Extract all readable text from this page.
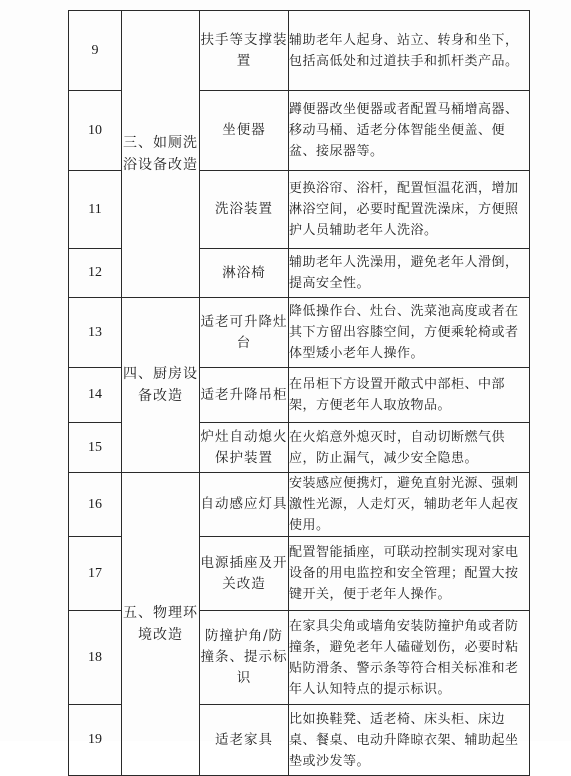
9	三、如厕洗浴设备改造	扶手等支撑装置	辅助老年人起身、站立、转身和坐下，包括高低处和过道扶手和抓杆类产品。
10		坐便器	蹲便器改坐便器或者配置马桶增高器、移动马桶、适老分体智能坐便盖、便盆、接尿器等。
11		洗浴装置	更换浴帘、浴杆，配置恒温花洒，增加淋浴空间，必要时配置洗澡床，方便照护人员辅助老年人洗浴。
12		淋浴椅	辅助老年人洗澡用，避免老年人滑倒，提高安全性。
13	四、厨房设备改造	适老可升降灶台	降低操作台、灶台、洗菜池高度或者在其下方留出容膝空间，方便乘轮椅或者体型矮小老年人操作。
14		适老升降吊柜	在吊柜下方设置开敞式中部柜、中部架，方便老年人取放物品。
15		炉灶自动熄火保护装置	在火焰意外熄灭时，自动切断燃气供应，防止漏气，减少安全隐患。
16	五、物理环境改造	自动感应灯具	安装感应便携灯，避免直射光源、强刺激性光源，人走灯灭，辅助老年人起夜使用。
17		电源插座及开关改造	配置智能插座，可联动控制实现对家电设备的用电监控和安全管理；配置大按键开关，便于老年人操作。
18		防撞护角/防撞条、提示标识	在家具尖角或墙角安装防撞护角或者防撞条，避免老年人磕碰划伤，必要时粘贴防滑条、警示条等符合相关标准和老年人认知特点的提示标识。
19		适老家具	比如换鞋凳、适老椅、床头柜、床边桌、餐桌、电动升降晾衣架、辅助起坐垫或沙发等。
